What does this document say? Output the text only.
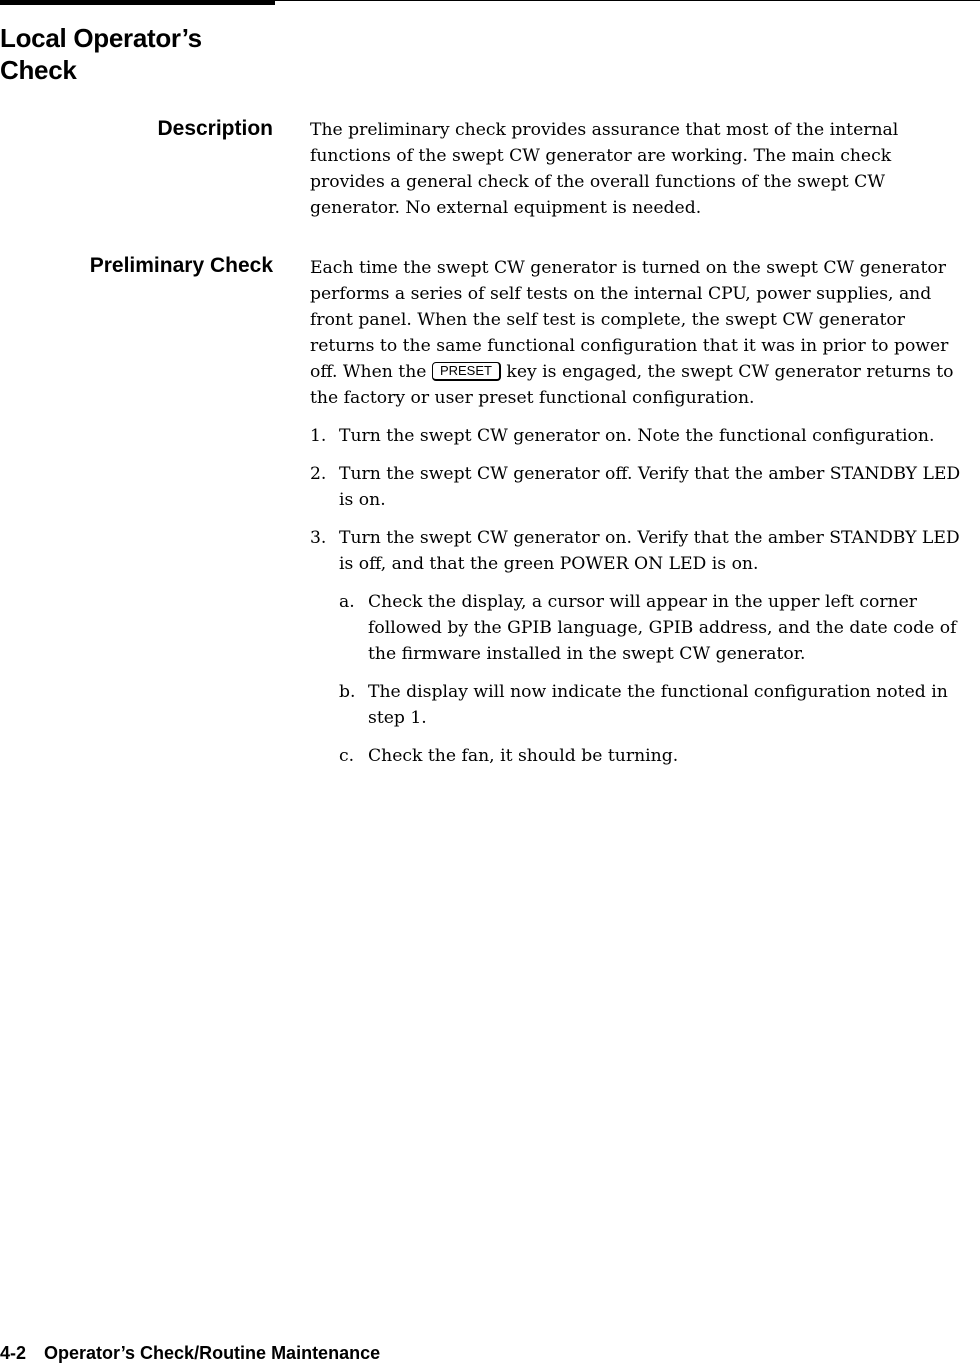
Local Operator’s
Check
Description The preliminary check provides assurance that most of the internal functions of the swept CW generator are working. The main check provides a general check of the overall functions of the swept CW generator. No external equipment is needed.

Preliminary Check Each time the swept CW generator is turned on the swept CW generator performs a series of self tests on the internal CPU, power supplies, and front panel. When the self test is complete, the swept CW generator returns to the same functional configuration that it was in prior to power off. When the PRESET key is engaged, the swept CW generator returns to the factory or user preset functional configuration.

1. Turn the swept CW generator on. Note the functional configuration.
2. Turn the swept CW generator off. Verify that the amber STANDBY LED is on.
3. Turn the swept CW generator on. Verify that the amber STANDBY LED is off, and that the green POWER ON LED is on.
a. Check the display, a cursor will appear in the upper left corner followed by the GPIB language, GPIB address, and the date code of the firmware installed in the swept CW generator.
b. The display will now indicate the functional configuration noted in step 1.
c. Check the fan, it should be turning.
4-2 Operator’s Check/Routine Maintenance
